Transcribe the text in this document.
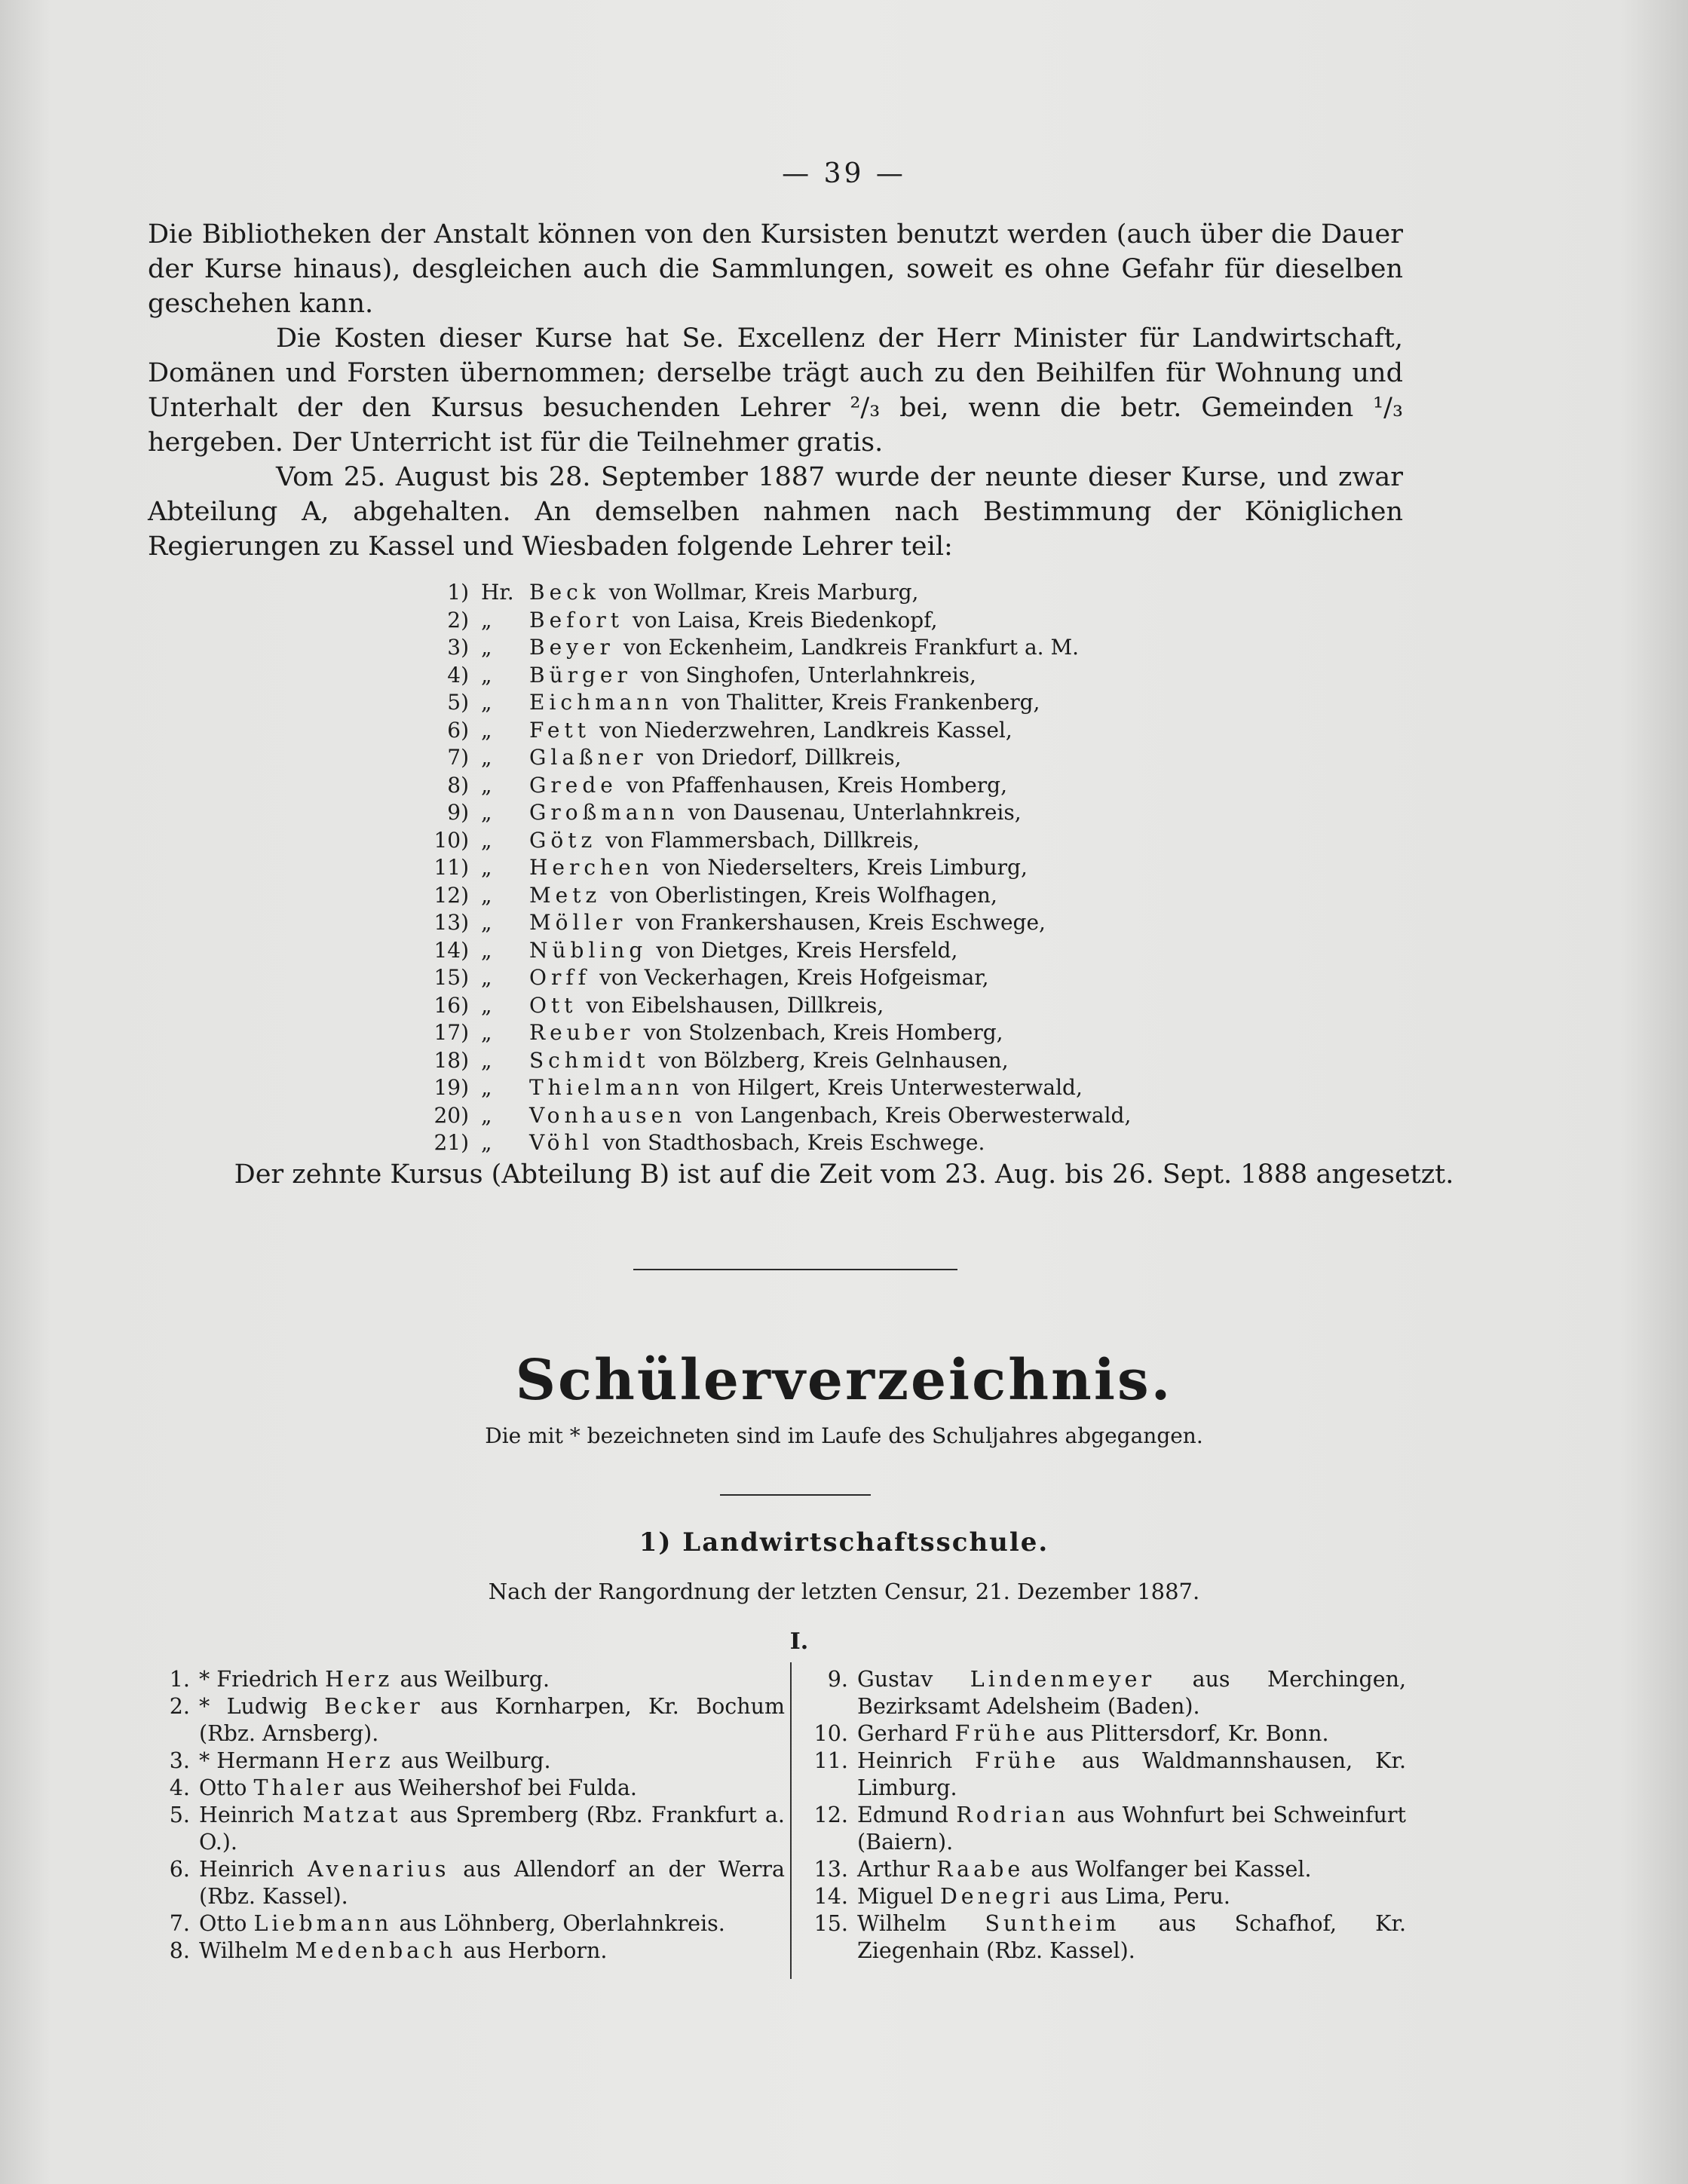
— 39 —

Die Bibliotheken der Anstalt können von den Kursisten benutzt werden (auch über die Dauer der Kurse hinaus), desgleichen auch die Sammlungen, soweit es ohne Gefahr für dieselben geschehen kann.

Die Kosten dieser Kurse hat Se. Excellenz der Herr Minister für Landwirtschaft, Domänen und Forsten übernommen; derselbe trägt auch zu den Beihilfen für Wohnung und Unterhalt der den Kursus besuchenden Lehrer ²/₃ bei, wenn die betr. Gemeinden ¹/₃ hergeben. Der Unterricht ist für die Teilnehmer gratis.

Vom 25. August bis 28. September 1887 wurde der neunte dieser Kurse, und zwar Abteilung A, abgehalten. An demselben nahmen nach Bestimmung der Königlichen Regierungen zu Kassel und Wiesbaden folgende Lehrer teil:

1) Hr. Beck von Wollmar, Kreis Marburg,
2) „	Befort von Laisa, Kreis Biedenkopf,
3) „	Beyer von Eckenheim, Landkreis Frankfurt a. M.
4) „	Bürger von Singhofen, Unterlahnkreis,
5) „	Eichmann von Thalitter, Kreis Frankenberg,
6) „	Fett von Niederzwehren, Landkreis Kassel,
7) „	Glaßner von Driedorf, Dillkreis,
8) „	Grede von Pfaffenhausen, Kreis Homberg,
9) „	Großmann von Dausenau, Unterlahnkreis,
10) „	Götz von Flammersbach, Dillkreis,
11) „	Herchen von Niederselters, Kreis Limburg,
12) „	Metz von Oberlistingen, Kreis Wolfhagen,
13) „	Möller von Frankershausen, Kreis Eschwege,
14) „	Nübling von Dietges, Kreis Hersfeld,
15) „	Orff von Veckerhagen, Kreis Hofgeismar,
16) „	Ott von Eibelshausen, Dillkreis,
17) „	Reuber von Stolzenbach, Kreis Homberg,
18) „	Schmidt von Bölzberg, Kreis Gelnhausen,
19) „	Thielmann von Hilgert, Kreis Unterwesterwald,
20) „	Vonhausen von Langenbach, Kreis Oberwesterwald,
21) „	Vöhl von Stadthosbach, Kreis Eschwege.
Der zehnte Kursus (Abteilung B) ist auf die Zeit vom 23. Aug. bis 26. Sept. 1888 angesetzt.
Schülerverzeichnis.
Die mit * bezeichneten sind im Laufe des Schuljahres abgegangen.
1) Landwirtschaftsschule.
Nach der Rangordnung der letzten Censur, 21. Dezember 1887.
I.
1. * Friedrich Herz aus Weilburg.
2. * Ludwig Becker aus Kornharpen, Kr. Bochum (Rbz. Arnsberg).
3. * Hermann Herz aus Weilburg.
4. Otto Thaler aus Weihershof bei Fulda.
5. Heinrich Matzat aus Spremberg (Rbz. Frankfurt a. O.).
6. Heinrich Avenarius aus Allendorf an der Werra (Rbz. Kassel).
7. Otto Liebmann aus Löhnberg, Oberlahnkreis.
8. Wilhelm Medenbach aus Herborn.
9. Gustav Lindenmeyer aus Merchingen, Bezirksamt Adelsheim (Baden).
10. Gerhard Frühe aus Plittersdorf, Kr. Bonn.
11. Heinrich Frühe aus Waldmannshausen, Kr. Limburg.
12. Edmund Rodrian aus Wohnfurt bei Schweinfurt (Baiern).
13. Arthur Raabe aus Wolfanger bei Kassel.
14. Miguel Denegri aus Lima, Peru.
15. Wilhelm Suntheim aus Schafhof, Kr. Ziegenhain (Rbz. Kassel).
